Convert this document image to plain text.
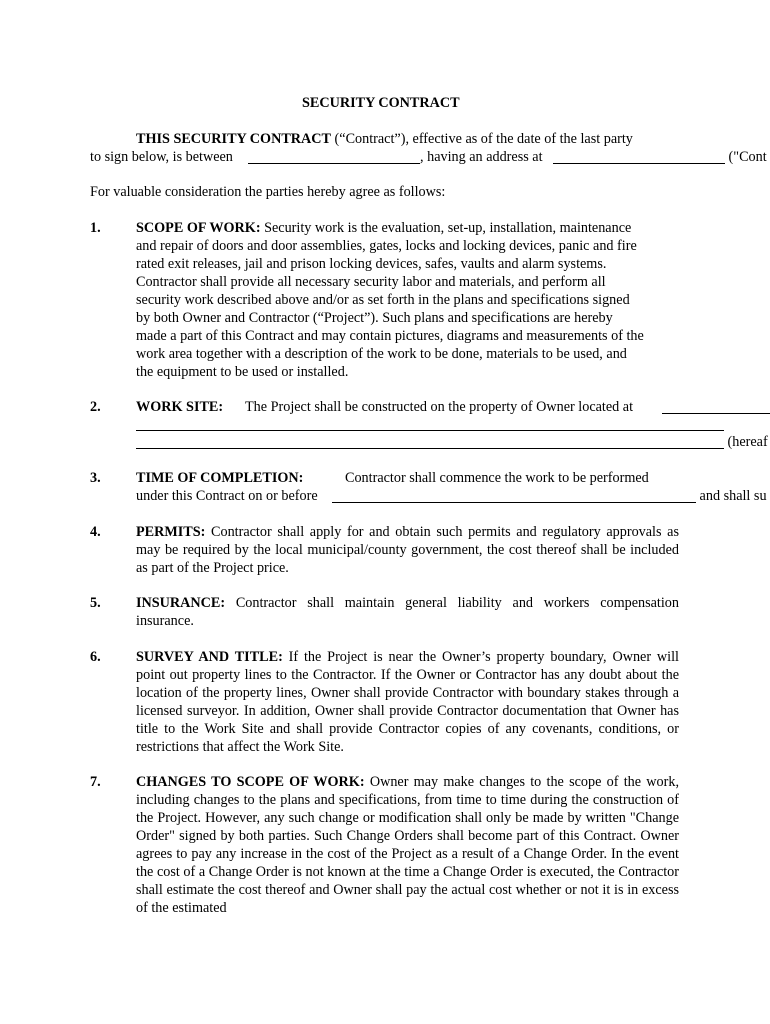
SECURITY CONTRACT
THIS SECURITY CONTRACT (“Contract”), effective as of the date of the last party
to sign below, is between	, having an address at	("Cont
For valuable consideration the parties hereby agree as follows:
1. SCOPE OF WORK: Security work is the evaluation, set-up, installation, maintenance
and repair of doors and door assemblies, gates, locks and locking devices, panic and fire
rated exit releases, jail and prison locking devices, safes, vaults and alarm systems.
Contractor shall provide all necessary security labor and materials, and perform all
security work described above and/or as set forth in the plans and specifications signed
by both Owner and Contractor (“Project”). Such plans and specifications are hereby
made a part of this Contract and may contain pictures, diagrams and measurements of the
work area together with a description of the work to be done, materials to be used, and
the equipment to be used or installed.
2. WORK SITE: The Project shall be constructed on the property of Owner located at
(hereaf
3. TIME OF COMPLETION:	Contractor shall commence the work to be performed
under this Contract on or before	and shall su
4. PERMITS: Contractor shall apply for and obtain such permits and regulatory approvals as may be required by the local municipal/county government, the cost thereof shall be included as part of the Project price.
5. INSURANCE: Contractor shall maintain general liability and workers compensation insurance.
6. SURVEY AND TITLE: If the Project is near the Owner’s property boundary, Owner will point out property lines to the Contractor. If the Owner or Contractor has any doubt about the location of the property lines, Owner shall provide Contractor with boundary stakes through a licensed surveyor. In addition, Owner shall provide Contractor documentation that Owner has title to the Work Site and shall provide Contractor copies of any covenants, conditions, or restrictions that affect the Work Site.
7. CHANGES TO SCOPE OF WORK: Owner may make changes to the scope of the work, including changes to the plans and specifications, from time to time during the construction of the Project. However, any such change or modification shall only be made by written "Change Order" signed by both parties. Such Change Orders shall become part of this Contract. Owner agrees to pay any increase in the cost of the Project as a result of a Change Order. In the event the cost of a Change Order is not known at the time a Change Order is executed, the Contractor shall estimate the cost thereof and Owner shall pay the actual cost whether or not it is in excess of the estimated
